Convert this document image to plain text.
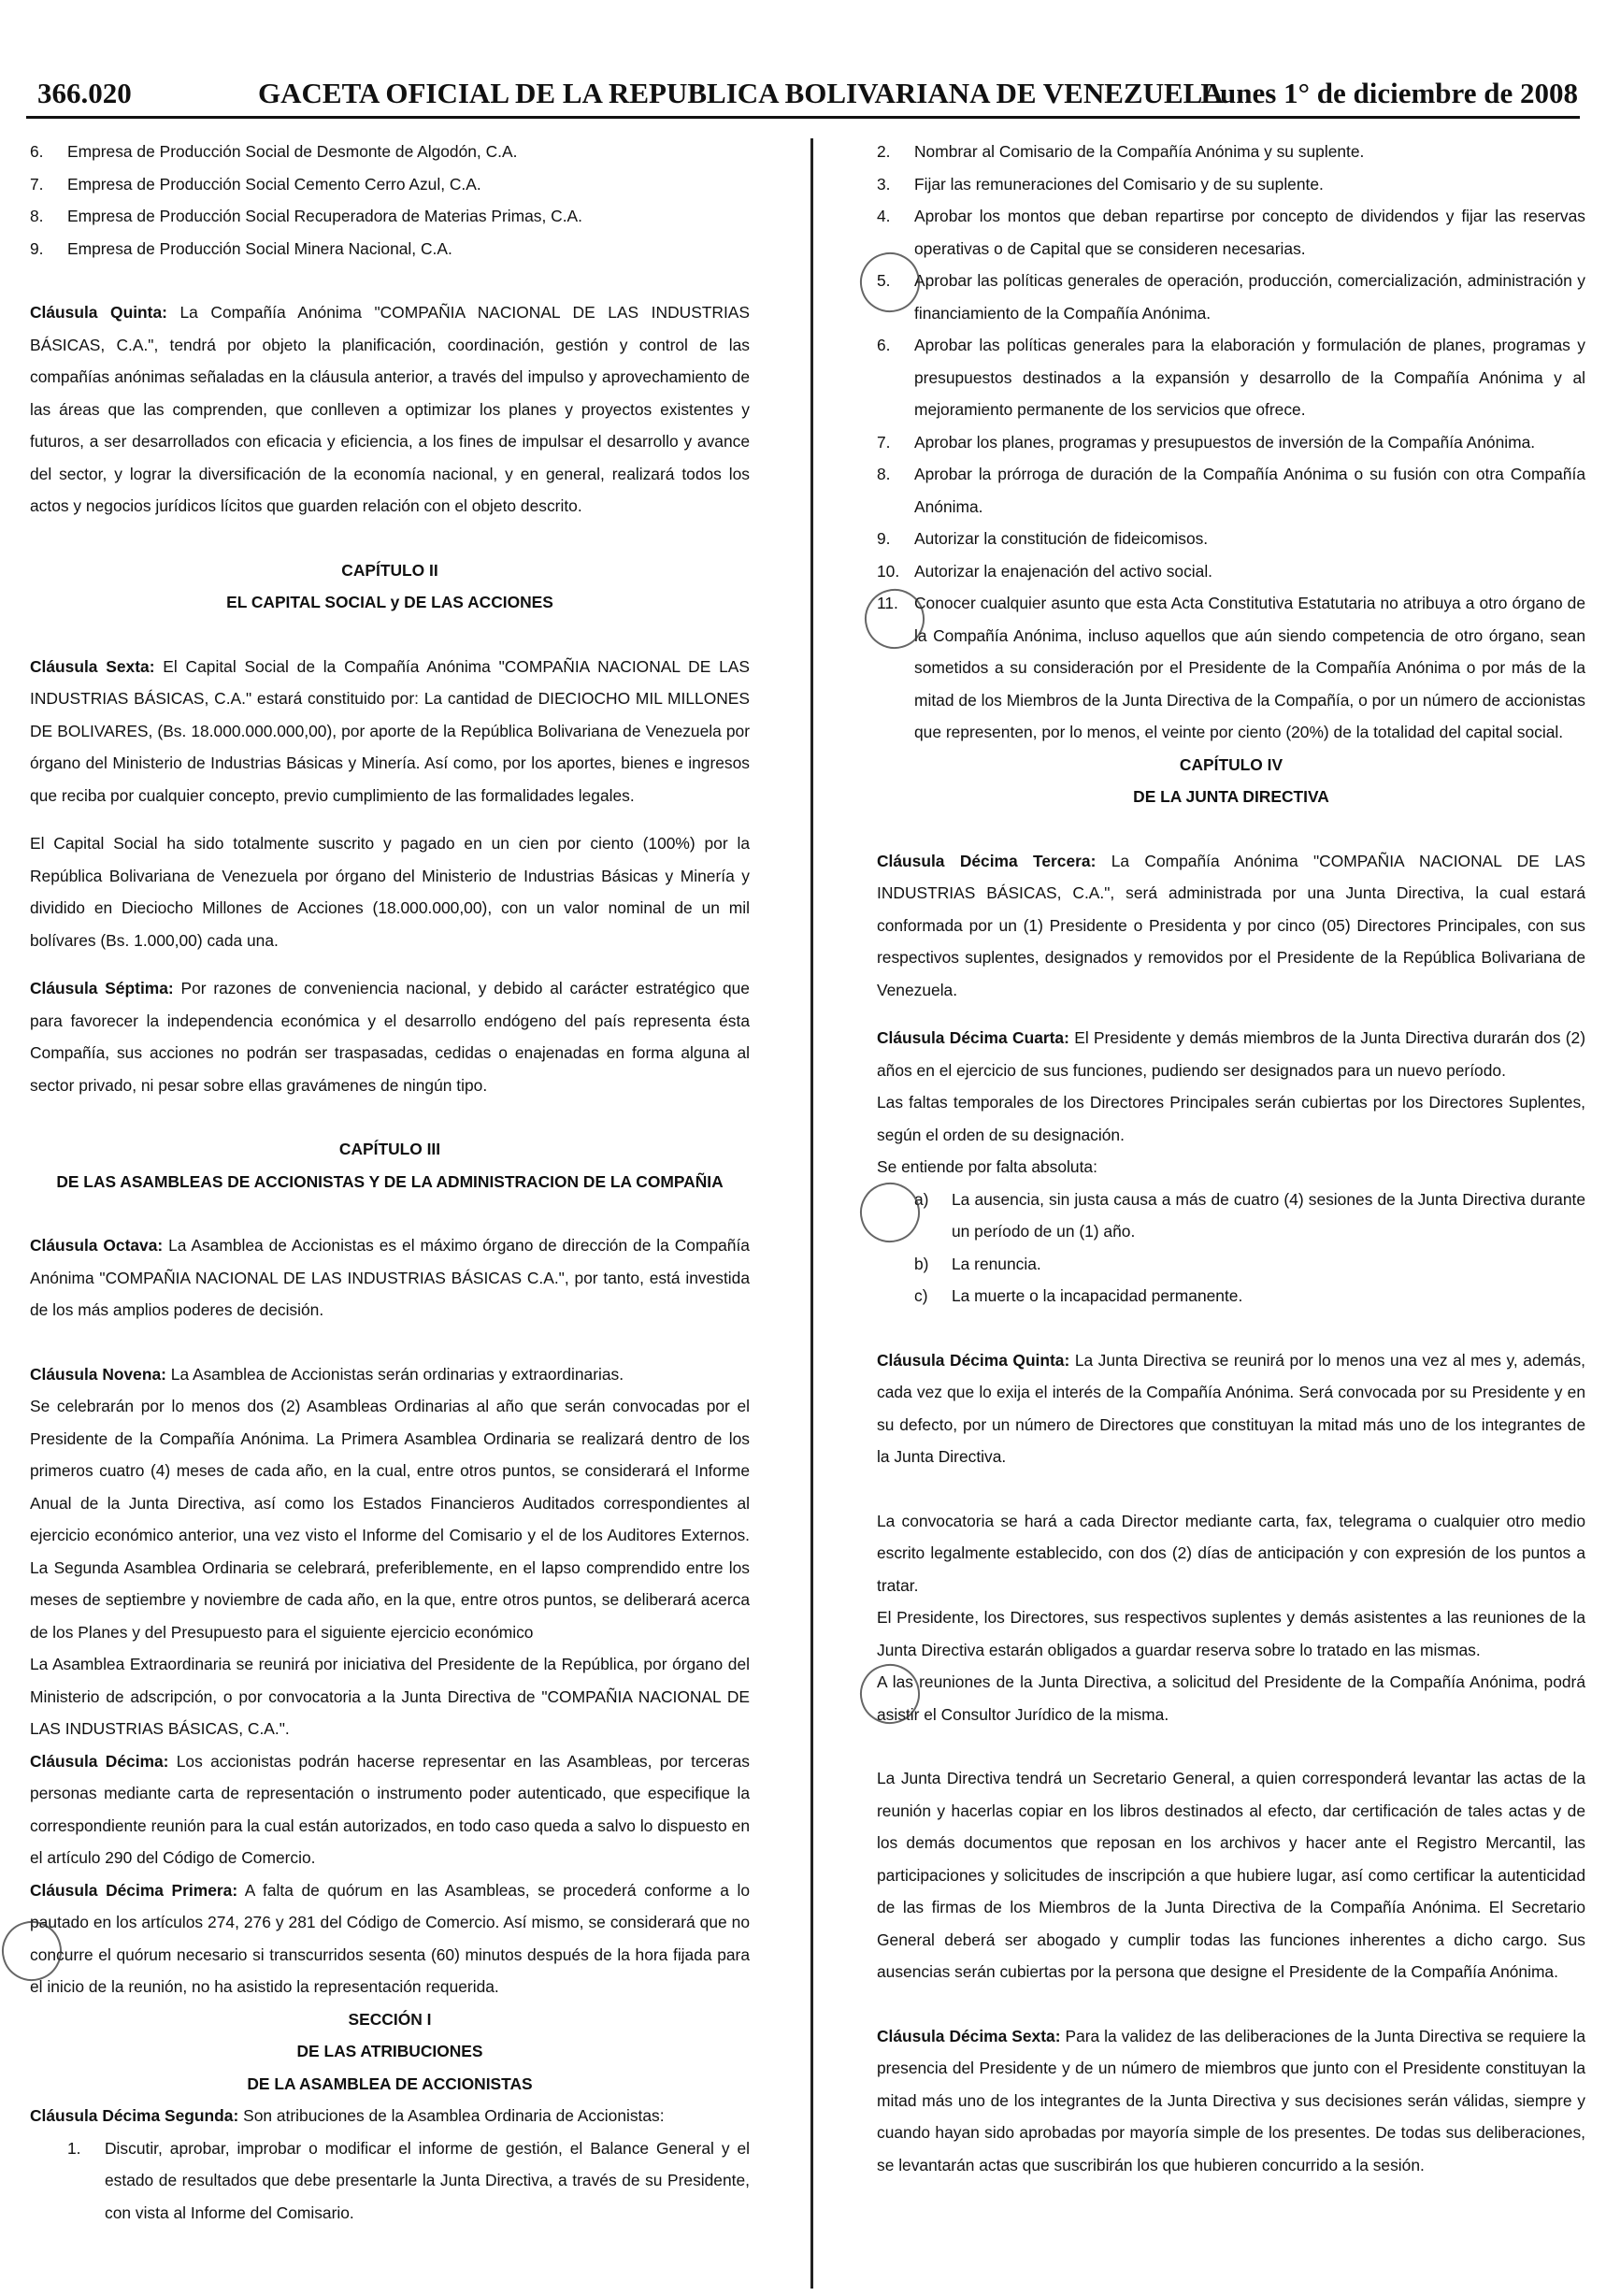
366.020	GACETA OFICIAL DE LA REPUBLICA BOLIVARIANA DE VENEZUELA
Lunes 1° de diciembre de 2008
6.	Empresa de Producción Social de Desmonte de Algodón, C.A.
7.	Empresa de Producción Social Cemento Cerro Azul, C.A.
8.	Empresa de Producción Social Recuperadora de Materias Primas, C.A.
9.	Empresa de Producción Social Minera Nacional, C.A.

Cláusula Quinta: La Compañía Anónima "COMPAÑIA NACIONAL DE LAS INDUSTRIAS BÁSICAS, C.A.", tendrá por objeto la planificación, coordinación, gestión y control de las compañías anónimas señaladas en la cláusula anterior, a través del impulso y aprovechamiento de las áreas que las comprenden, que conlleven a optimizar los planes y proyectos existentes y futuros, a ser desarrollados con eficacia y eficiencia, a los fines de impulsar el desarrollo y avance del sector, y lograr la diversificación de la economía nacional, y en general, realizará todos los actos y negocios jurídicos lícitos que guarden relación con el objeto descrito.

CAPÍTULO II

EL CAPITAL SOCIAL y DE LAS ACCIONES

Cláusula Sexta: El Capital Social de la Compañía Anónima "COMPAÑIA NACIONAL DE LAS INDUSTRIAS BÁSICAS, C.A." estará constituido por: La cantidad de DIECIOCHO MIL MILLONES DE BOLIVARES, (Bs. 18.000.000.000,00), por aporte de la República Bolivariana de Venezuela por órgano del Ministerio de Industrias Básicas y Minería. Así como, por los aportes, bienes e ingresos que reciba por cualquier concepto, previo cumplimiento de las formalidades legales.

El Capital Social ha sido totalmente suscrito y pagado en un cien por ciento (100%) por la República Bolivariana de Venezuela por órgano del Ministerio de Industrias Básicas y Minería y dividido en Dieciocho Millones de Acciones (18.000.000,00), con un valor nominal de un mil bolívares (Bs. 1.000,00) cada una.

Cláusula Séptima: Por razones de conveniencia nacional, y debido al carácter estratégico que para favorecer la independencia económica y el desarrollo endógeno del país representa ésta Compañía, sus acciones no podrán ser traspasadas, cedidas o enajenadas en forma alguna al sector privado, ni pesar sobre ellas gravámenes de ningún tipo.

CAPÍTULO III

DE LAS ASAMBLEAS DE ACCIONISTAS Y DE LA ADMINISTRACION DE LA COMPAÑIA

Cláusula Octava: La Asamblea de Accionistas es el máximo órgano de dirección de la Compañía Anónima "COMPAÑIA NACIONAL DE LAS INDUSTRIAS BÁSICAS C.A.", por tanto, está investida de los más amplios poderes de decisión.

Cláusula Novena: La Asamblea de Accionistas serán ordinarias y extraordinarias.

Se celebrarán por lo menos dos (2) Asambleas Ordinarias al año que serán convocadas por el Presidente de la Compañía Anónima. La Primera Asamblea Ordinaria se realizará dentro de los primeros cuatro (4) meses de cada año, en la cual, entre otros puntos, se considerará el Informe Anual de la Junta Directiva, así como los Estados Financieros Auditados correspondientes al ejercicio económico anterior, una vez visto el Informe del Comisario y el de los Auditores Externos. La Segunda Asamblea Ordinaria se celebrará, preferiblemente, en el lapso comprendido entre los meses de septiembre y noviembre de cada año, en la que, entre otros puntos, se deliberará acerca de los Planes y del Presupuesto para el siguiente ejercicio económico

La Asamblea Extraordinaria se reunirá por iniciativa del Presidente de la República, por órgano del Ministerio de adscripción, o por convocatoria a la Junta Directiva de "COMPAÑIA NACIONAL DE LAS INDUSTRIAS BÁSICAS, C.A.".

Cláusula Décima: Los accionistas podrán hacerse representar en las Asambleas, por terceras personas mediante carta de representación o instrumento poder autenticado, que especifique la correspondiente reunión para la cual están autorizados, en todo caso queda a salvo lo dispuesto en el artículo 290 del Código de Comercio.

Cláusula Décima Primera: A falta de quórum en las Asambleas, se procederá conforme a lo pautado en los artículos 274, 276 y 281 del Código de Comercio. Así mismo, se considerará que no concurre el quórum necesario si transcurridos sesenta (60) minutos después de la hora fijada para el inicio de la reunión, no ha asistido la representación requerida.

SECCIÓN I

DE LAS ATRIBUCIONES

DE LA ASAMBLEA DE ACCIONISTAS

Cláusula Décima Segunda: Son atribuciones de la Asamblea Ordinaria de Accionistas:

1.	Discutir, aprobar, improbar o modificar el informe de gestión, el Balance General y el estado de resultados que debe presentarle la Junta Directiva, a través de su Presidente, con vista al Informe del Comisario.
2.	Nombrar al Comisario de la Compañía Anónima y su suplente.
3.	Fijar las remuneraciones del Comisario y de su suplente.
4.	Aprobar los montos que deban repartirse por concepto de dividendos y fijar las reservas operativas o de Capital que se consideren necesarias.
5.	Aprobar las políticas generales de operación, producción, comercialización, administración y financiamiento de la Compañía Anónima.
6.	Aprobar las políticas generales para la elaboración y formulación de planes, programas y presupuestos destinados a la expansión y desarrollo de la Compañía Anónima y al mejoramiento permanente de los servicios que ofrece.
7.	Aprobar los planes, programas y presupuestos de inversión de la Compañía Anónima.
8.	Aprobar la prórroga de duración de la Compañía Anónima o su fusión con otra Compañía Anónima.
9.	Autorizar la constitución de fideicomisos.
10. Autorizar la enajenación del activo social.
11. Conocer cualquier asunto que esta Acta Constitutiva Estatutaria no atribuya a otro órgano de la Compañía Anónima, incluso aquellos que aún siendo competencia de otro órgano, sean sometidos a su consideración por el Presidente de la Compañía Anónima o por más de la mitad de los Miembros de la Junta Directiva de la Compañía, o por un número de accionistas que representen, por lo menos, el veinte por ciento (20%) de la totalidad del capital social.

CAPÍTULO IV

DE LA JUNTA DIRECTIVA

Cláusula Décima Tercera: La Compañía Anónima "COMPAÑIA NACIONAL DE LAS INDUSTRIAS BÁSICAS, C.A.", será administrada por una Junta Directiva, la cual estará conformada por un (1) Presidente o Presidenta y por cinco (05) Directores Principales, con sus respectivos suplentes, designados y removidos por el Presidente de la República Bolivariana de Venezuela.

Cláusula Décima Cuarta: El Presidente y demás miembros de la Junta Directiva durarán dos (2) años en el ejercicio de sus funciones, pudiendo ser designados para un nuevo período.

Las faltas temporales de los Directores Principales serán cubiertas por los Directores Suplentes, según el orden de su designación.

Se entiende por falta absoluta:

a)	La ausencia, sin justa causa a más de cuatro (4) sesiones de la Junta Directiva durante un período de un (1) año.
b)	La renuncia.
c)	La muerte o la incapacidad permanente.

Cláusula Décima Quinta: La Junta Directiva se reunirá por lo menos una vez al mes y, además, cada vez que lo exija el interés de la Compañía Anónima. Será convocada por su Presidente y en su defecto, por un número de Directores que constituyan la mitad más uno de los integrantes de la Junta Directiva.

La convocatoria se hará a cada Director mediante carta, fax, telegrama o cualquier otro medio escrito legalmente establecido, con dos (2) días de anticipación y con expresión de los puntos a tratar.

El Presidente, los Directores, sus respectivos suplentes y demás asistentes a las reuniones de la Junta Directiva estarán obligados a guardar reserva sobre lo tratado en las mismas.

A las reuniones de la Junta Directiva, a solicitud del Presidente de la Compañía Anónima, podrá asistir el Consultor Jurídico de la misma.

La Junta Directiva tendrá un Secretario General, a quien corresponderá levantar las actas de la reunión y hacerlas copiar en los libros destinados al efecto, dar certificación de tales actas y de los demás documentos que reposan en los archivos y hacer ante el Registro Mercantil, las participaciones y solicitudes de inscripción a que hubiere lugar, así como certificar la autenticidad de las firmas de los Miembros de la Junta Directiva de la Compañía Anónima. El Secretario General deberá ser abogado y cumplir todas las funciones inherentes a dicho cargo. Sus ausencias serán cubiertas por la persona que designe el Presidente de la Compañía Anónima.

Cláusula Décima Sexta: Para la validez de las deliberaciones de la Junta Directiva se requiere la presencia del Presidente y de un número de miembros que junto con el Presidente constituyan la mitad más uno de los integrantes de la Junta Directiva y sus decisiones serán válidas, siempre y cuando hayan sido aprobadas por mayoría simple de los presentes. De todas sus deliberaciones, se levantarán actas que suscribirán los que hubieren concurrido a la sesión.
